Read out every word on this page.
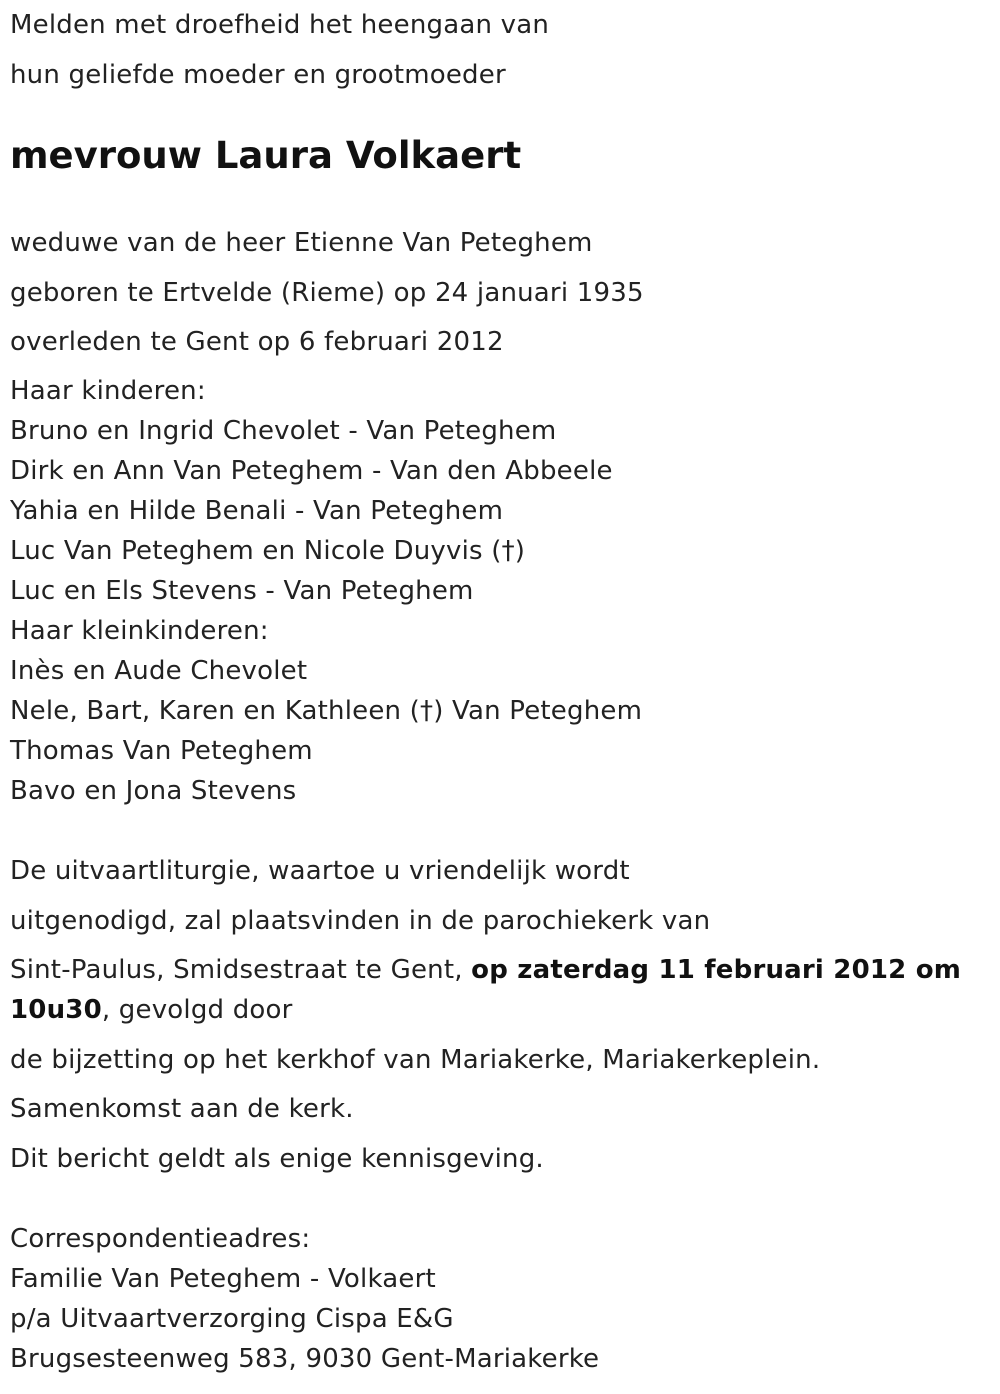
Melden met droefheid het heengaan van
hun geliefde moeder en grootmoeder
mevrouw Laura Volkaert
weduwe van de heer Etienne Van Peteghem
geboren te Ertvelde (Rieme) op 24 januari 1935
overleden te Gent op 6 februari 2012
Haar kinderen:
Bruno en Ingrid Chevolet - Van Peteghem
Dirk en Ann Van Peteghem - Van den Abbeele
Yahia en Hilde Benali - Van Peteghem
Luc Van Peteghem en Nicole Duyvis (†)
Luc en Els Stevens - Van Peteghem
Haar kleinkinderen:
Inès en Aude Chevolet
Nele, Bart, Karen en Kathleen (†) Van Peteghem
Thomas Van Peteghem
Bavo en Jona Stevens
De uitvaartliturgie, waartoe u vriendelijk wordt
uitgenodigd, zal plaatsvinden in de parochiekerk van
Sint-Paulus, Smidsestraat te Gent, op zaterdag 11 februari 2012 om
10u30, gevolgd door
de bijzetting op het kerkhof van Mariakerke, Mariakerkeplein.
Samenkomst aan de kerk.
Dit bericht geldt als enige kennisgeving.
Correspondentieadres:
Familie Van Peteghem - Volkaert
p/a Uitvaartverzorging Cispa E&G
Brugsesteenweg 583, 9030 Gent-Mariakerke
